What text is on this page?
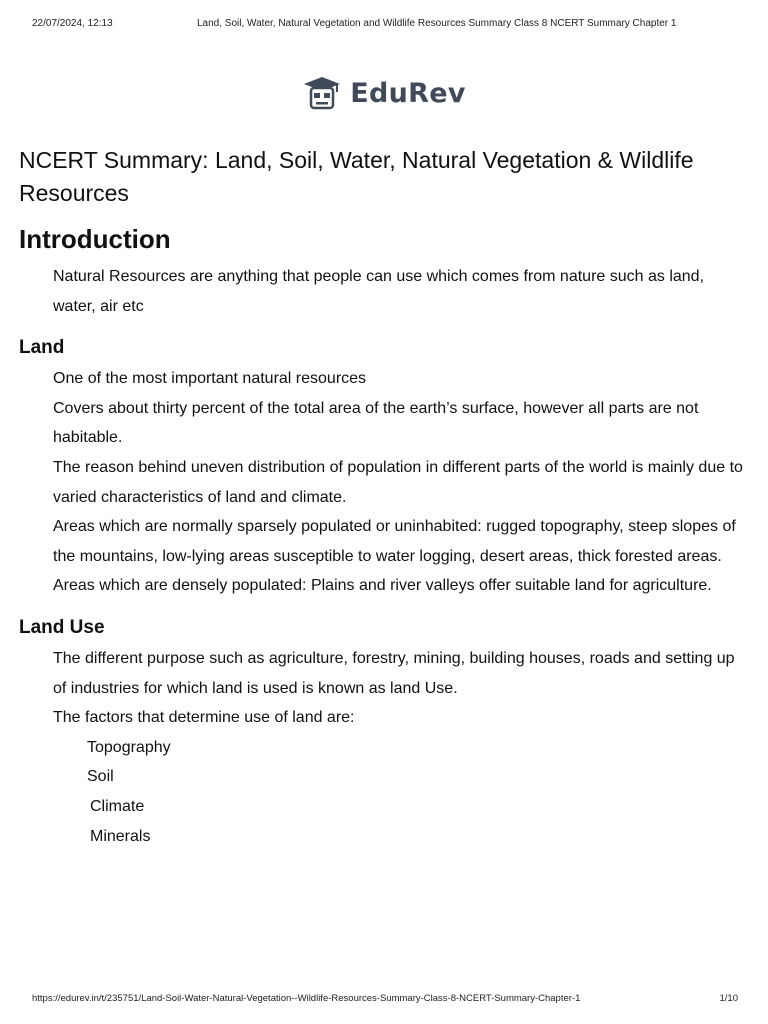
22/07/2024, 12:13	Land, Soil, Water, Natural Vegetation and Wildlife Resources Summary Class 8 NCERT Summary Chapter 1
EduRev
NCERT Summary: Land, Soil, Water, Natural Vegetation & Wildlife Resources
Introduction

Natural Resources are anything that people can use which comes from nature such as land, water, air etc

Land

One of the most important natural resources

Covers about thirty percent of the total area of the earth’s surface, however all parts are not habitable.

The reason behind uneven distribution of population in different parts of the world is mainly due to varied characteristics of land and climate.

Areas which are normally sparsely populated or uninhabited: rugged topography, steep slopes of the mountains, low-lying areas susceptible to water logging, desert areas, thick forested areas.

Areas which are densely populated: Plains and river valleys offer suitable land for agriculture.

Land Use

The different purpose such as agriculture, forestry, mining, building houses, roads and setting up of industries for which land is used is known as land Use.

The factors that determine use of land are:

Topography

Soil

Climate

Minerals

https://edurev.in/t/235751/Land-Soil-Water-Natural-Vegetation--Wildlife-Resources-Summary-Class-8-NCERT-Summary-Chapter-1	1/10
